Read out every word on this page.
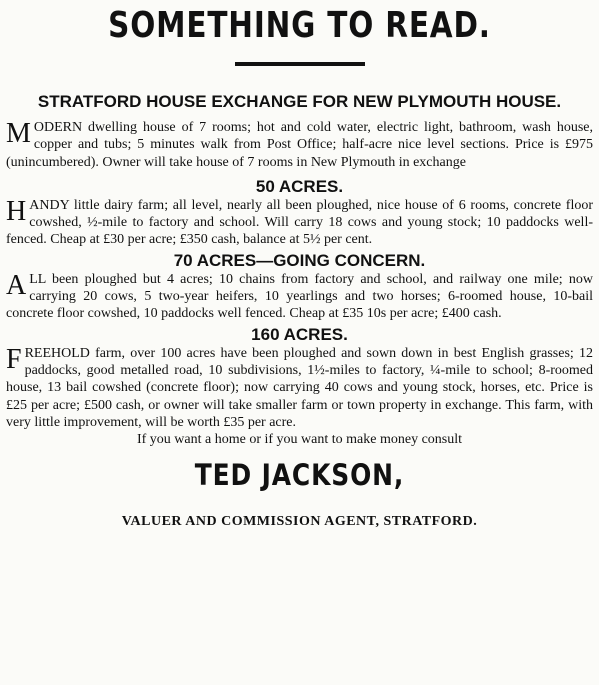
SOMETHING TO READ.
STRATFORD HOUSE EXCHANGE FOR NEW PLYMOUTH HOUSE.

MODERN dwelling house of 7 rooms; hot and cold water, electric light, bathroom, wash house, copper and tubs; 5 minutes walk from Post Office; half-acre nice level sections. Price is £975 (unincumbered). Owner will take house of 7 rooms in New Plymouth in exchange

50 ACRES.

HANDY little dairy farm; all level, nearly all been ploughed, nice house of 6 rooms, concrete floor cowshed, ½-mile to factory and school. Will carry 18 cows and young stock; 10 paddocks well-fenced. Cheap at £30 per acre; £350 cash, balance at 5½ per cent.

70 ACRES—GOING CONCERN.

ALL been ploughed but 4 acres; 10 chains from factory and school, and railway one mile; now carrying 20 cows, 5 two-year heifers, 10 yearlings and two horses; 6-roomed house, 10-bail concrete floor cowshed, 10 paddocks well fenced. Cheap at £35 10s per acre; £400 cash.

160 ACRES.

FREEHOLD farm, over 100 acres have been ploughed and sown down in best English grasses; 12 paddocks, good metalled road, 10 subdivisions, 1½-miles to factory, ¼-mile to school; 8-roomed house, 13 bail cowshed (concrete floor); now carrying 40 cows and young stock, horses, etc. Price is £25 per acre; £500 cash, or owner will take smaller farm or town property in exchange. This farm, with very little improvement, will be worth £35 per acre.

If you want a home or if you want to make money consult

TED JACKSON,

VALUER AND COMMISSION AGENT, STRATFORD.
